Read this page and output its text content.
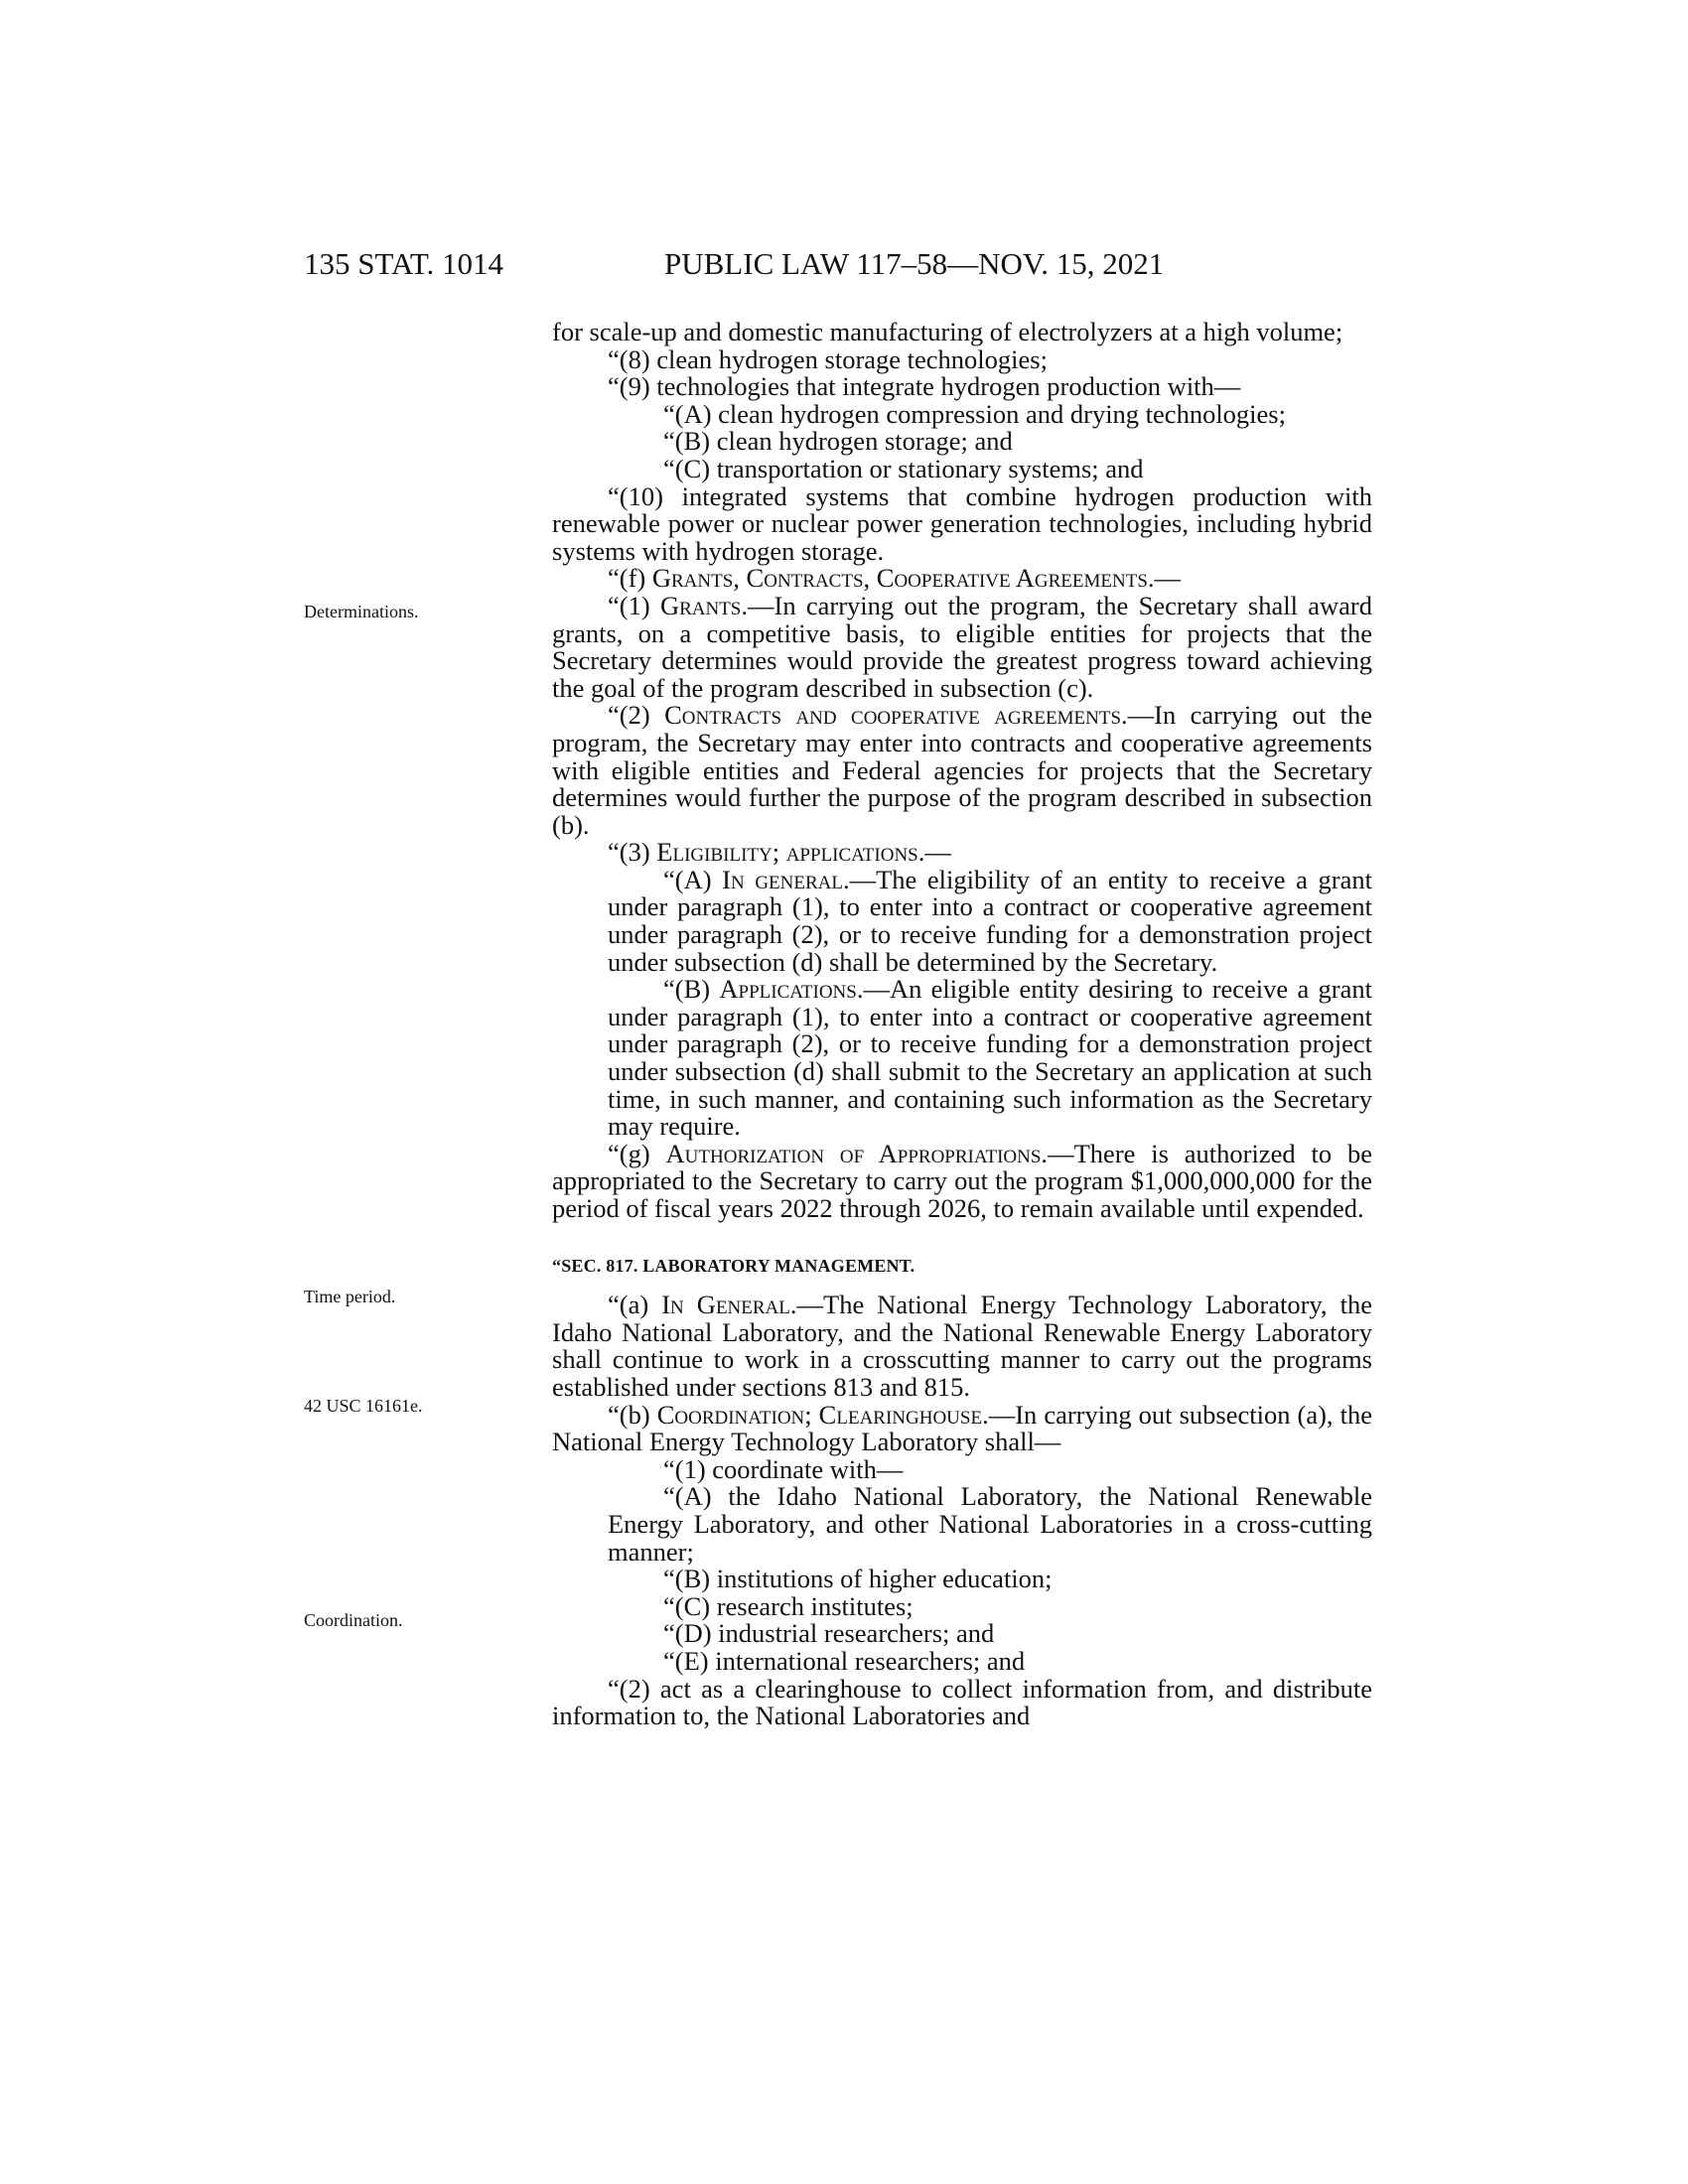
135 STAT. 1014	PUBLIC LAW 117–58—NOV. 15, 2021
Determinations.
Time period.
42 USC 16161e.
Coordination.

for scale-up and domestic manufacturing of electrolyzers at a high volume;

“(8) clean hydrogen storage technologies;

“(9) technologies that integrate hydrogen production with—

“(A) clean hydrogen compression and drying technologies;

“(B) clean hydrogen storage; and

“(C) transportation or stationary systems; and

“(10) integrated systems that combine hydrogen production with renewable power or nuclear power generation technologies, including hybrid systems with hydrogen storage.

“(f) Grants, Contracts, Cooperative Agreements.—

“(1) Grants.—In carrying out the program, the Secretary shall award grants, on a competitive basis, to eligible entities for projects that the Secretary determines would provide the greatest progress toward achieving the goal of the program described in subsection (c).

“(2) Contracts and cooperative agreements.—In carrying out the program, the Secretary may enter into contracts and cooperative agreements with eligible entities and Federal agencies for projects that the Secretary determines would further the purpose of the program described in subsection (b).

“(3) Eligibility; applications.—

“(A) In general.—The eligibility of an entity to receive a grant under paragraph (1), to enter into a contract or cooperative agreement under paragraph (2), or to receive funding for a demonstration project under subsection (d) shall be determined by the Secretary.

“(B) Applications.—An eligible entity desiring to receive a grant under paragraph (1), to enter into a contract or cooperative agreement under paragraph (2), or to receive funding for a demonstration project under subsection (d) shall submit to the Secretary an application at such time, in such manner, and containing such information as the Secretary may require.

“(g) Authorization of Appropriations.—There is authorized to be appropriated to the Secretary to carry out the program $1,000,000,000 for the period of fiscal years 2022 through 2026, to remain available until expended.

“SEC. 817. LABORATORY MANAGEMENT.

“(a) In General.—The National Energy Technology Laboratory, the Idaho National Laboratory, and the National Renewable Energy Laboratory shall continue to work in a crosscutting manner to carry out the programs established under sections 813 and 815.

“(b) Coordination; Clearinghouse.—In carrying out subsection (a), the National Energy Technology Laboratory shall—

“(1) coordinate with—

“(A) the Idaho National Laboratory, the National Renewable Energy Laboratory, and other National Laboratories in a cross-cutting manner;

“(B) institutions of higher education;

“(C) research institutes;

“(D) industrial researchers; and

“(E) international researchers; and

“(2) act as a clearinghouse to collect information from, and distribute information to, the National Laboratories and
